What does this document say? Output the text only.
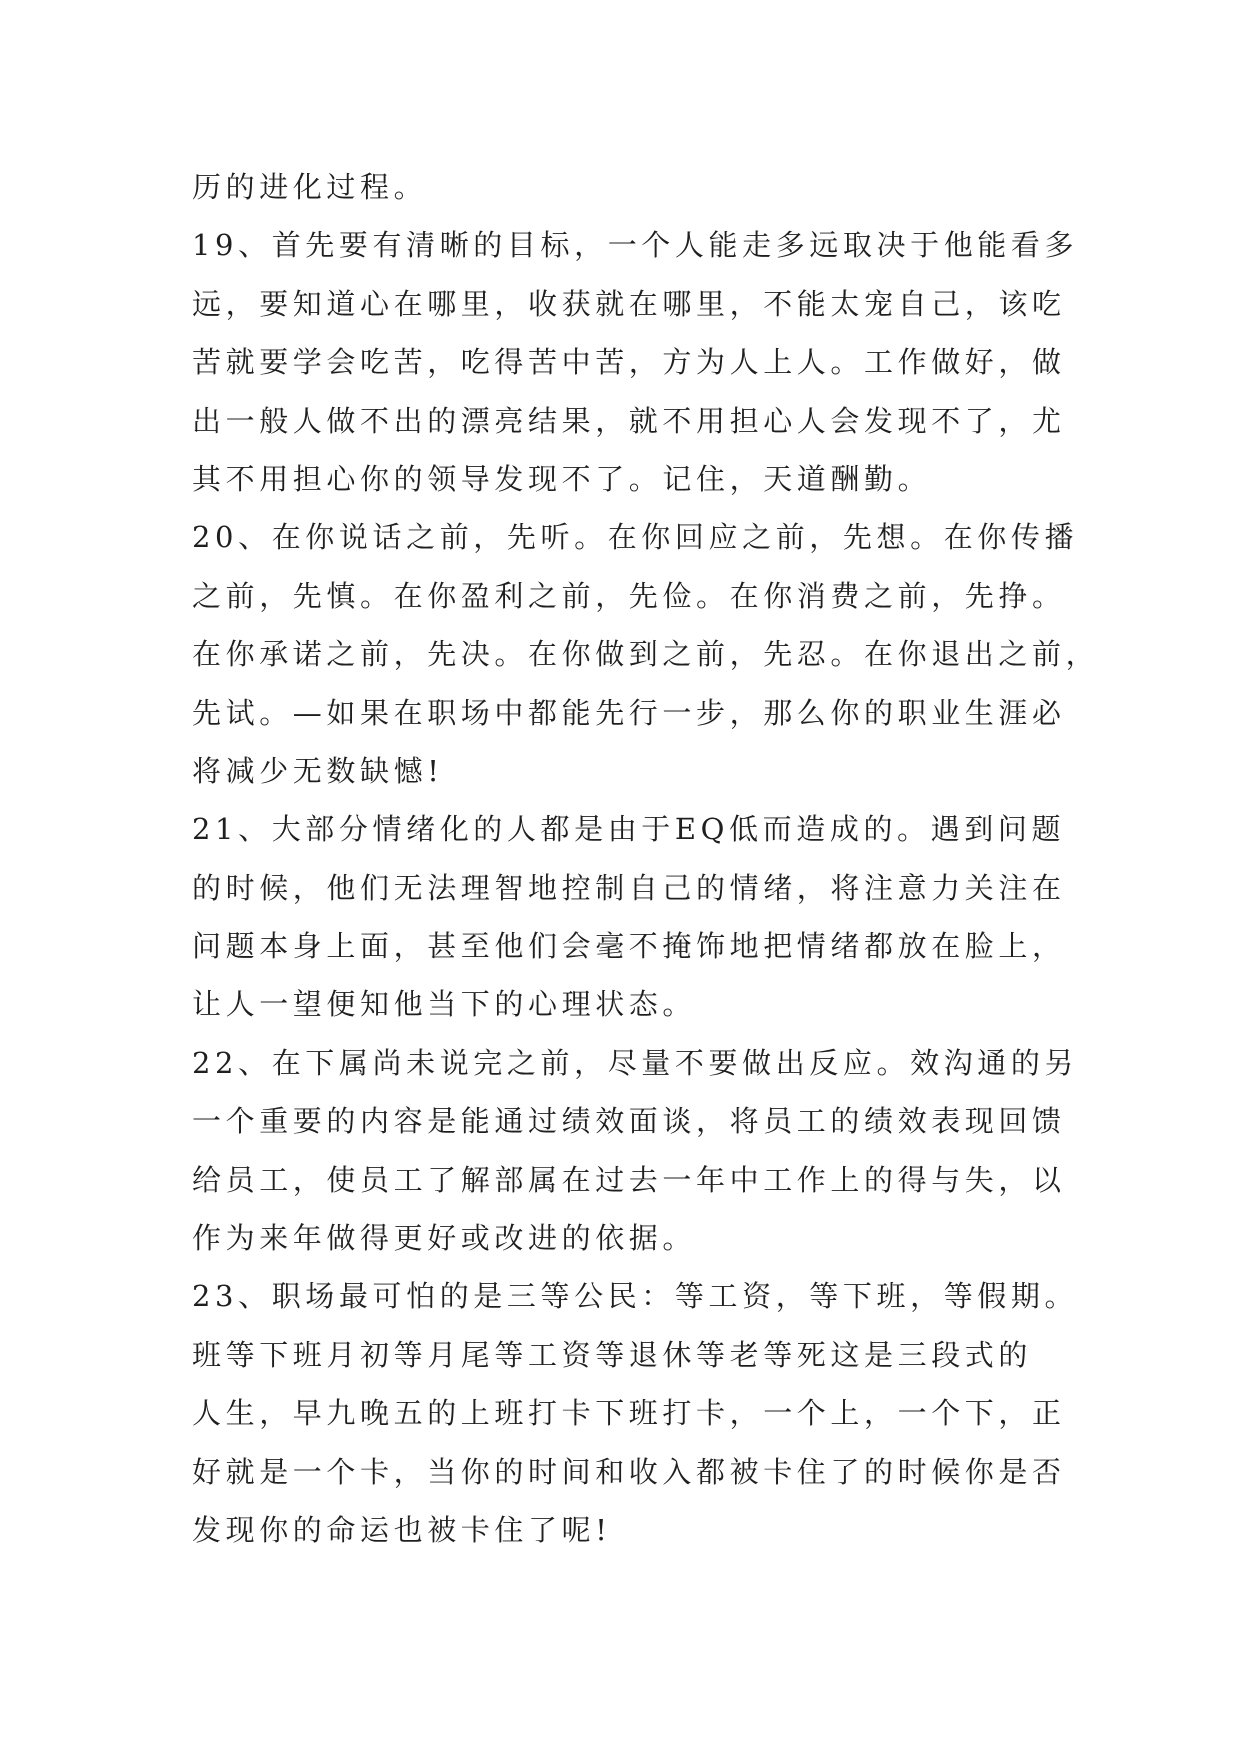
历的进化过程。
19、首先要有清晰的目标，一个人能走多远取决于他能看多
远，要知道心在哪里，收获就在哪里，不能太宠自己，该吃
苦就要学会吃苦，吃得苦中苦，方为人上人。工作做好，做
出一般人做不出的漂亮结果，就不用担心人会发现不了，尤
其不用担心你的领导发现不了。记住，天道酬勤。
20、在你说话之前，先听。在你回应之前，先想。在你传播
之前，先慎。在你盈利之前，先俭。在你消费之前，先挣。
在你承诺之前，先决。在你做到之前，先忍。在你退出之前，
先试。—如果在职场中都能先行一步，那么你的职业生涯必
将减少无数缺憾!
21、大部分情绪化的人都是由于EQ低而造成的。遇到问题
的时候，他们无法理智地控制自己的情绪，将注意力关注在
问题本身上面，甚至他们会毫不掩饰地把情绪都放在脸上，
让人一望便知他当下的心理状态。
22、在下属尚未说完之前，尽量不要做出反应。效沟通的另
一个重要的内容是能通过绩效面谈，将员工的绩效表现回馈
给员工，使员工了解部属在过去一年中工作上的得与失，以
作为来年做得更好或改进的依据。
23、职场最可怕的是三等公民：等工资，等下班，等假期。
班等下班月初等月尾等工资等退休等老等死这是三段式的
人生，早九晚五的上班打卡下班打卡，一个上，一个下，正
好就是一个卡，当你的时间和收入都被卡住了的时候你是否
发现你的命运也被卡住了呢!
